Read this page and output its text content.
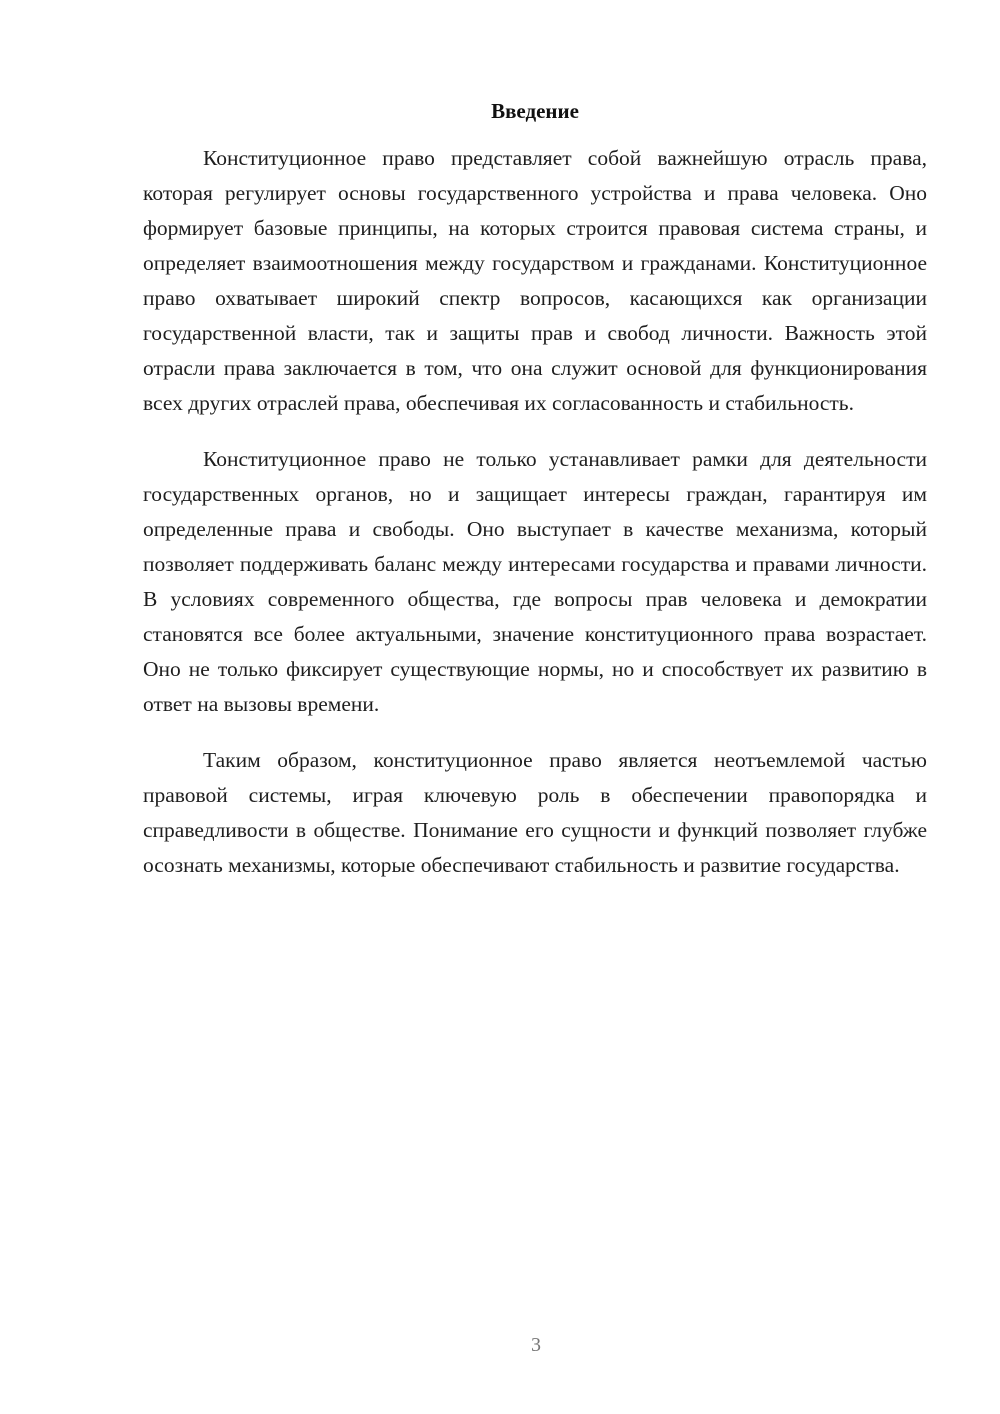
Введение

Конституционное право представляет собой важнейшую отрасль права, которая регулирует основы государственного устройства и права человека. Оно формирует базовые принципы, на которых строится правовая система страны, и определяет взаимоотношения между государством и гражданами. Конституционное право охватывает широкий спектр вопросов, касающихся как организации государственной власти, так и защиты прав и свобод личности. Важность этой отрасли права заключается в том, что она служит основой для функционирования всех других отраслей права, обеспечивая их согласованность и стабильность.

Конституционное право не только устанавливает рамки для деятельности государственных органов, но и защищает интересы граждан, гарантируя им определенные права и свободы. Оно выступает в качестве механизма, который позволяет поддерживать баланс между интересами государства и правами личности. В условиях современного общества, где вопросы прав человека и демократии становятся все более актуальными, значение конституционного права возрастает. Оно не только фиксирует существующие нормы, но и способствует их развитию в ответ на вызовы времени.

Таким образом, конституционное право является неотъемлемой частью правовой системы, играя ключевую роль в обеспечении правопорядка и справедливости в обществе. Понимание его сущности и функций позволяет глубже осознать механизмы, которые обеспечивают стабильность и развитие государства.

3
